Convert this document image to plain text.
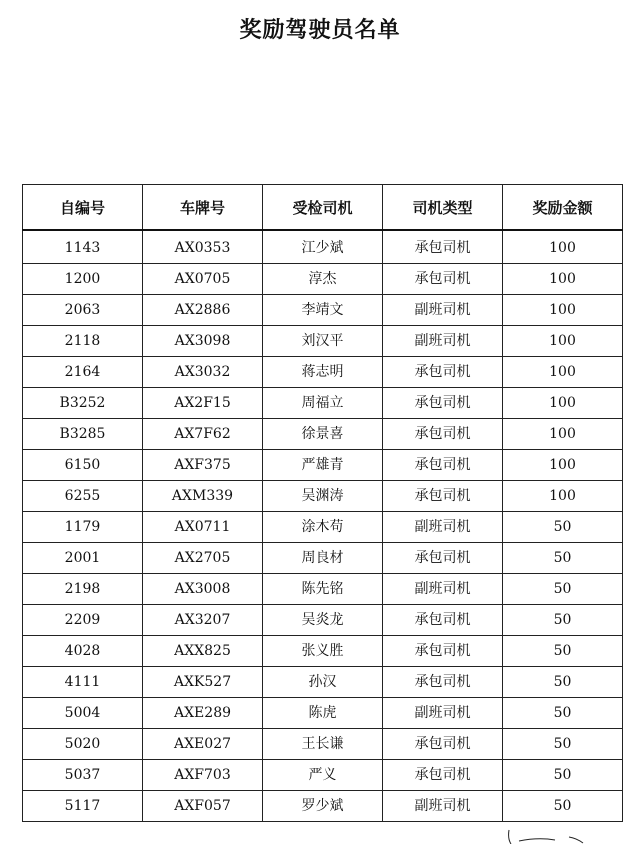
奖励驾驶员名单
自编号	车牌号	受检司机	司机类型	奖励金额
1143	AX0353	江少斌	承包司机	100
1200	AX0705	淳杰	承包司机	100
2063	AX2886	李靖文	副班司机	100
2118	AX3098	刘汉平	副班司机	100
2164	AX3032	蒋志明	承包司机	100
B3252	AX2F15	周福立	承包司机	100
B3285	AX7F62	徐景喜	承包司机	100
6150	AXF375	严雄青	承包司机	100
6255	AXM339	吴渊涛	承包司机	100
1179	AX0711	涂木苟	副班司机	50
2001	AX2705	周良材	承包司机	50
2198	AX3008	陈先铭	副班司机	50
2209	AX3207	吴炎龙	承包司机	50
4028	AXX825	张义胜	承包司机	50
4111	AXK527	孙汉	承包司机	50
5004	AXE289	陈虎	副班司机	50
5020	AXE027	王长谦	承包司机	50
5037	AXF703	严义	承包司机	50
5117	AXF057	罗少斌	副班司机	50
